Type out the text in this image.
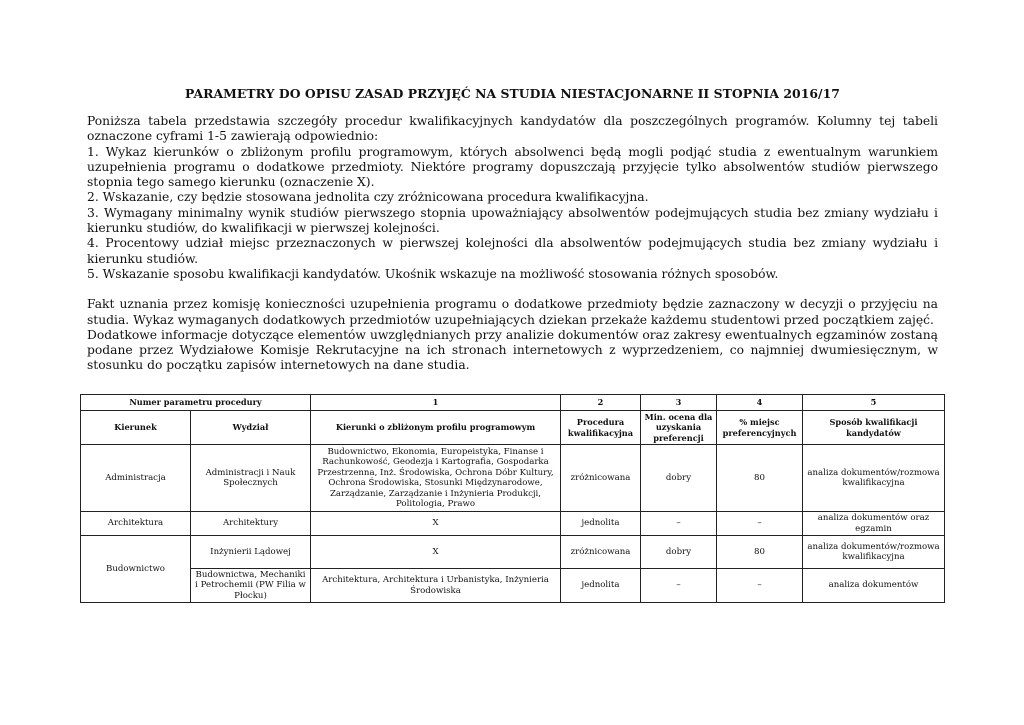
PARAMETRY DO OPISU ZASAD PRZYJĘĆ NA STUDIA NIESTACJONARNE II STOPNIA 2016/17

Poniższa tabela przedstawia szczegóły procedur kwalifikacyjnych kandydatów dla poszczególnych programów. Kolumny tej tabeli oznaczone cyframi 1-5 zawierają odpowiednio:

1. Wykaz kierunków o zbliżonym profilu programowym, których absolwenci będą mogli podjąć studia z ewentualnym warunkiem uzupełnienia programu o dodatkowe przedmioty. Niektóre programy dopuszczają przyjęcie tylko absolwentów studiów pierwszego stopnia tego samego kierunku (oznaczenie X).

2. Wskazanie, czy będzie stosowana jednolita czy zróżnicowana procedura kwalifikacyjna.

3. Wymagany minimalny wynik studiów pierwszego stopnia upoważniający absolwentów podejmujących studia bez zmiany wydziału i kierunku studiów, do kwalifikacji w pierwszej kolejności.

4. Procentowy udział miejsc przeznaczonych w pierwszej kolejności dla absolwentów podejmujących studia bez zmiany wydziału i kierunku studiów.

5. Wskazanie sposobu kwalifikacji kandydatów. Ukośnik wskazuje na możliwość stosowania różnych sposobów.

Fakt uznania przez komisję konieczności uzupełnienia programu o dodatkowe przedmioty będzie zaznaczony w decyzji o przyjęciu na studia. Wykaz wymaganych dodatkowych przedmiotów uzupełniających dziekan przekaże każdemu studentowi przed początkiem zajęć.

Dodatkowe informacje dotyczące elementów uwzględnianych przy analizie dokumentów oraz zakresy ewentualnych egzaminów zostaną podane przez Wydziałowe Komisje Rekrutacyjne na ich stronach internetowych z wyprzedzeniem, co najmniej dwumiesięcznym, w stosunku do początku zapisów internetowych na dane studia.

Numer parametru procedury		1	2	3	4	5
Kierunek	Wydział	Kierunki o zbliżonym profilu programowym	Procedura kwalifikacyjna	Min. ocena dla uzyskania preferencji	% miejsc preferencyjnych	Sposób kwalifikacji kandydatów
Administracja	Administracji i Nauk Społecznych	Budownictwo, Ekonomia, Europeistyka, Finanse i Rachunkowość, Geodezja i Kartografia, Gospodarka Przestrzenna, Inż. Środowiska, Ochrona Dóbr Kultury, Ochrona Środowiska, Stosunki Międzynarodowe, Zarządzanie, Zarządzanie i Inżynieria Produkcji, Politologia, Prawo	zróżnicowana	dobry	80	analiza dokumentów/rozmowa kwalifikacyjna
Architektura	Architektury	X	jednolita	–	–	analiza dokumentów oraz egzamin
Budownictwo	Inżynierii Lądowej	X	zróżnicowana	dobry	80	analiza dokumentów/rozmowa kwalifikacyjna
	Budownictwa, Mechaniki i Petrochemii (PW Filia w Płocku)	Architektura, Architektura i Urbanistyka, Inżynieria Środowiska	jednolita	–	–	analiza dokumentów
